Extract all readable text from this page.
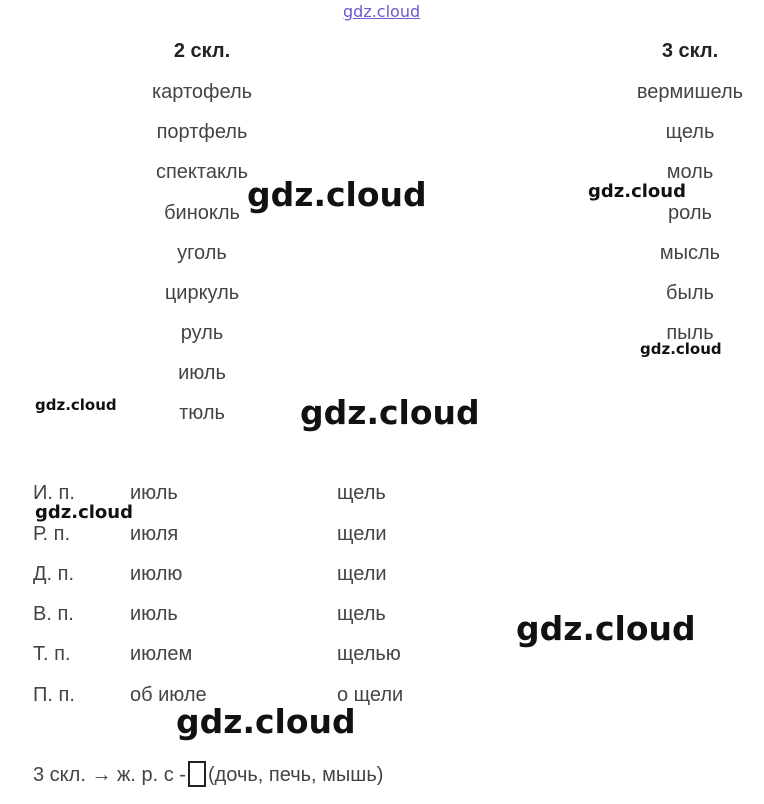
gdz.cloud
2 скл.
картофель
портфель
спектакль
бинокль
уголь
циркуль
руль
июль
тюль
3 скл.
вермишель
щель
моль
роль
мысль
быль
пыль
И. п.	июль	щель
Р. п.	июля	щели
Д. п.	июлю	щели
В. п.	июль	щель
Т. п.	июлем	щелью
П. п.	об июле	о щели
3 скл. → ж. р. с - (дочь, печь, мышь)
gdz.cloud	gdz.cloud
gdz.cloud
gdz.cloud	gdz.cloud
gdz.cloud
gdz.cloud
gdz.cloud
